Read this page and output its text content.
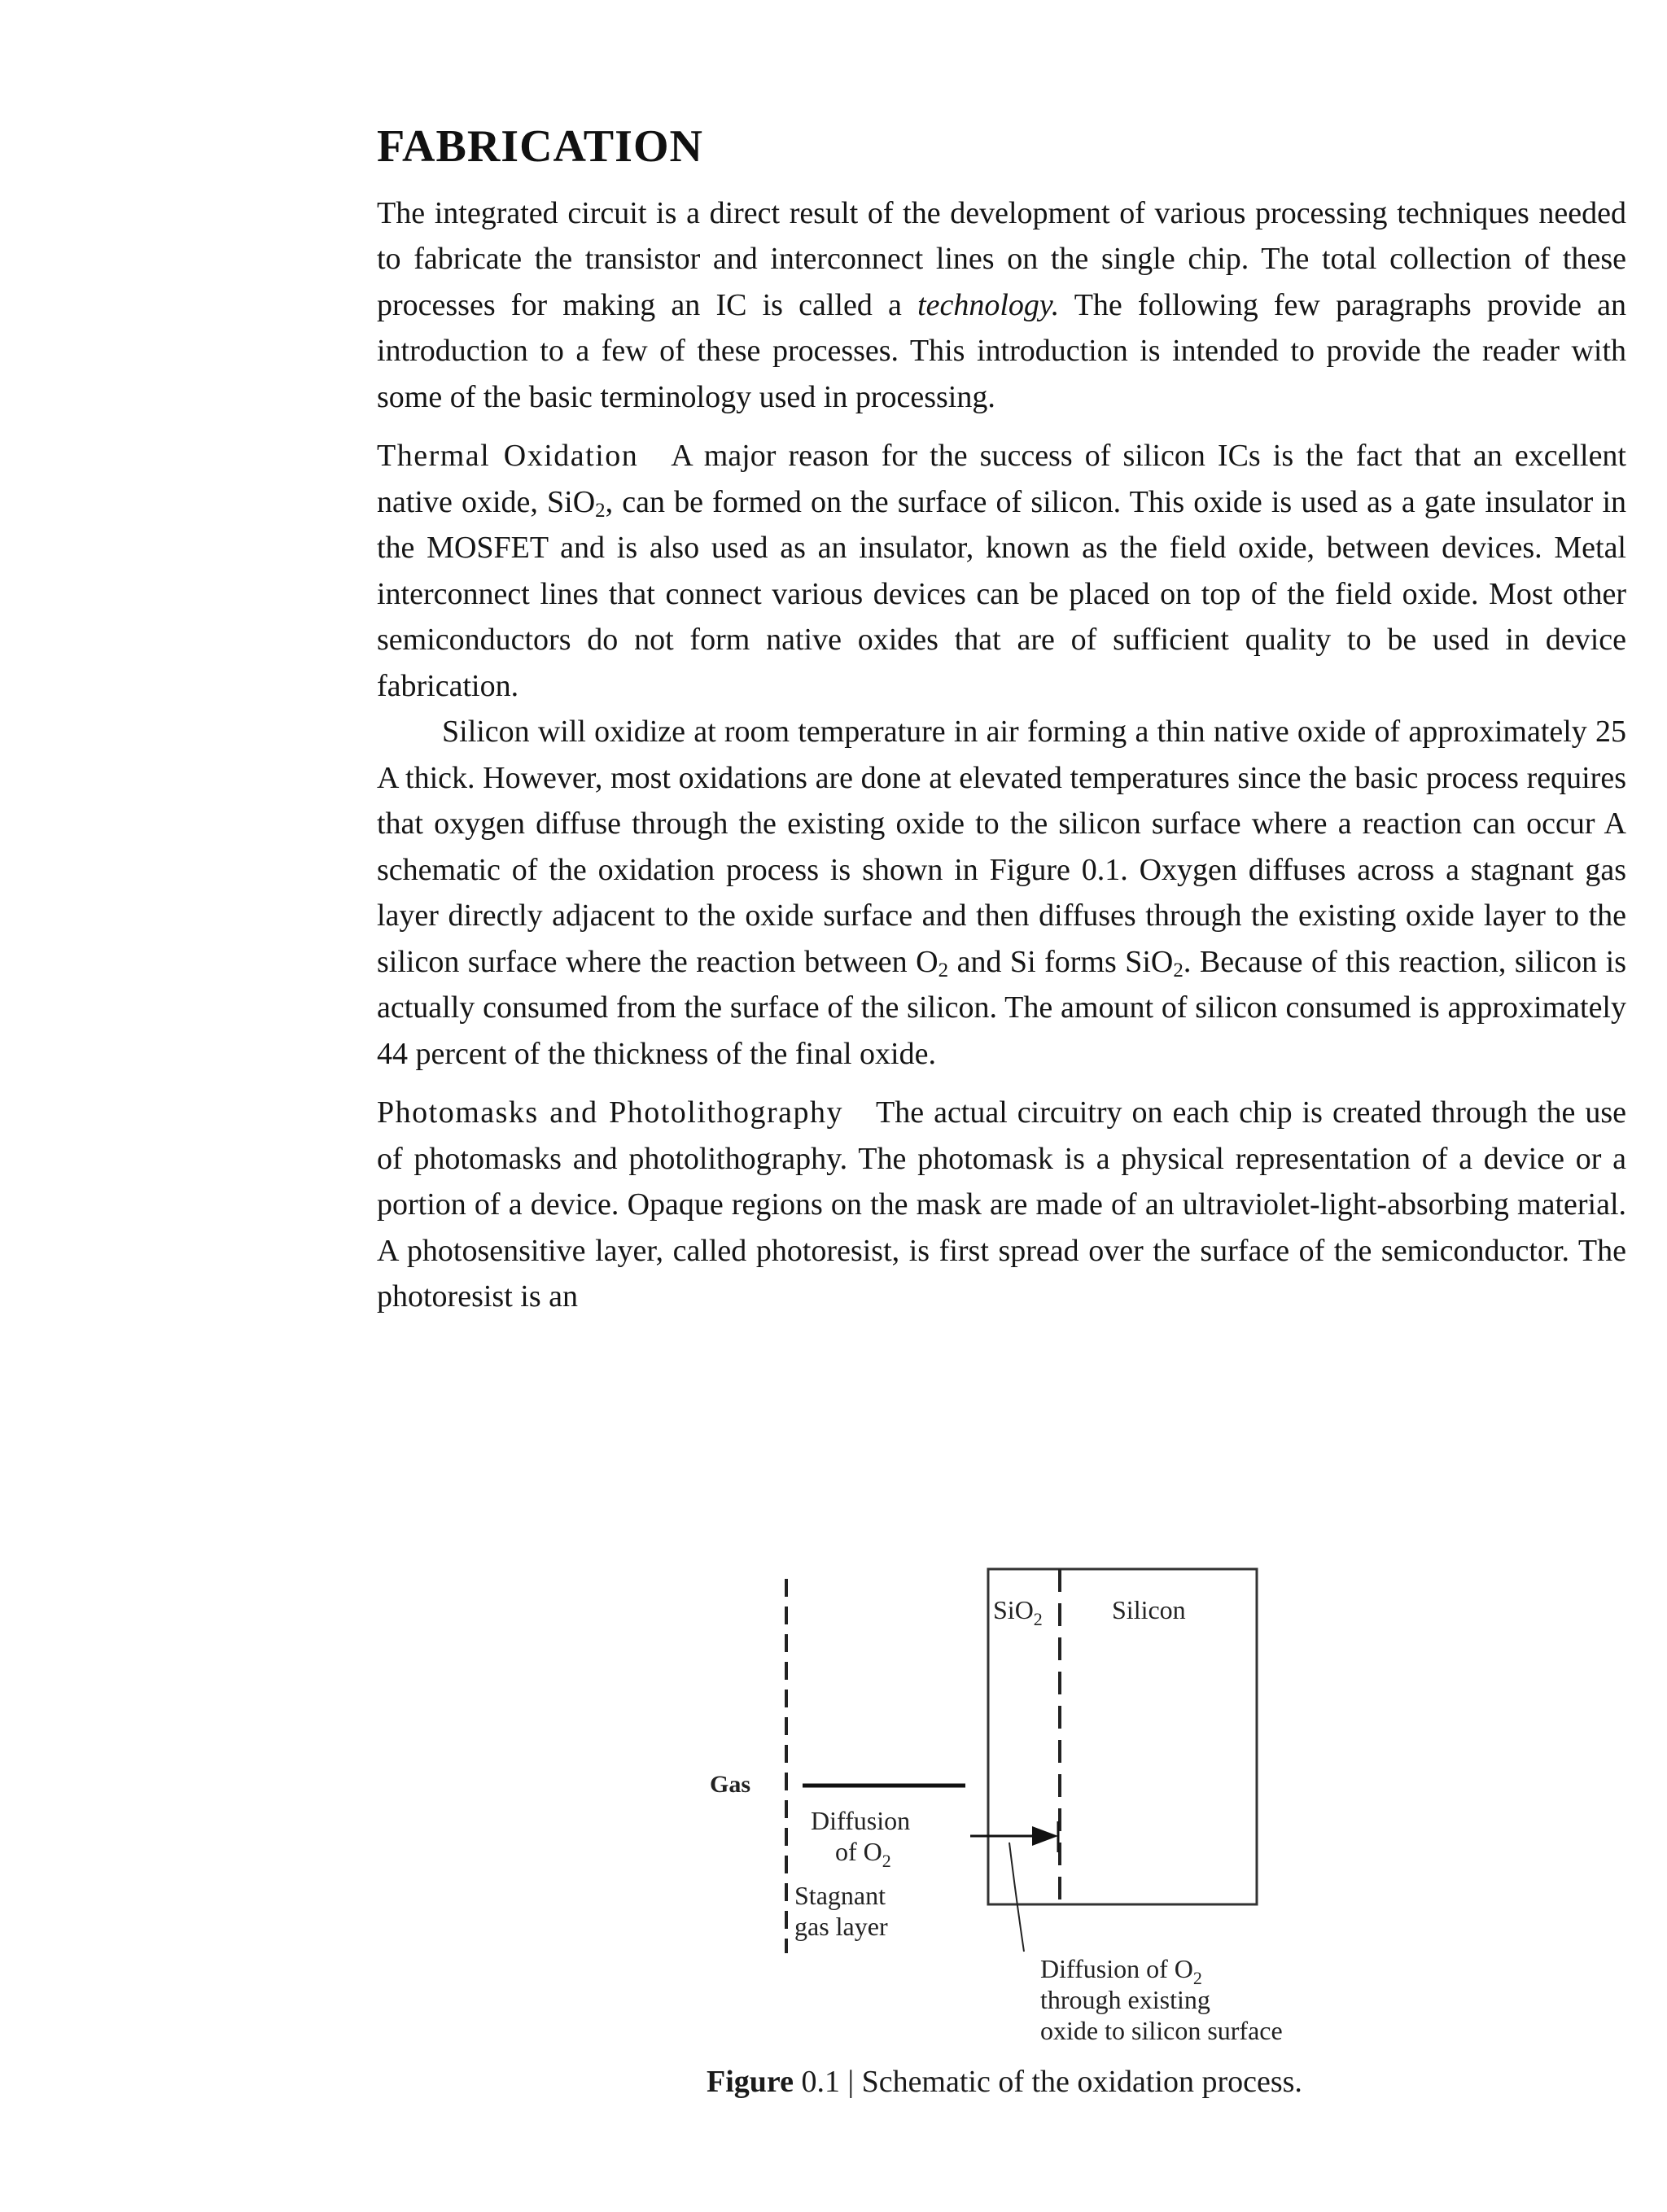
FABRICATION

The integrated circuit is a direct result of the development of various processing techniques needed to fabricate the transistor and interconnect lines on the single chip. The total collection of these processes for making an IC is called a technology. The following few paragraphs provide an introduction to a few of these processes. This introduction is intended to provide the reader with some of the basic terminology used in processing.

Thermal Oxidation A major reason for the success of silicon ICs is the fact that an excellent native oxide, SiO$_2$, can be formed on the surface of silicon. This oxide is used as a gate insulator in the MOSFET and is also used as an insulator, known as the field oxide, between devices. Metal interconnect lines that connect various devices can be placed on top of the field oxide. Most other semiconductors do not form native oxides that are of sufficient quality to be used in device fabrication.

Silicon will oxidize at room temperature in air forming a thin native oxide of approximately 25 A thick. However, most oxidations are done at elevated temperatures since the basic process requires that oxygen diffuse through the existing oxide to the silicon surface where a reaction can occur A schematic of the oxidation process is shown in Figure 0.1. Oxygen diffuses across a stagnant gas layer directly adjacent to the oxide surface and then diffuses through the existing oxide layer to the silicon surface where the reaction between $O_2$ and Si forms SiO$_2$. Because of this reaction, silicon is actually consumed from the surface of the silicon. The amount of silicon consumed is approximately 44 percent of the thickness of the final oxide.

Photomasks and Photolithography The actual circuitry on each chip is created through the use of photomasks and photolithography. The photomask is a physical representation of a device or a portion of a device. Opaque regions on the mask are made of an ultraviolet-light-absorbing material. A photosensitive layer, called photoresist, is first spread over the surface of the semiconductor. The photoresist is an

SiO$_2$	Silicon
Gas
Diffusion
of $O_2$
Stagnant
gas layer
Diffusion of $O_2$
through existing
oxide to silicon surface
Figure 0.1 | Schematic of the oxidation process.
